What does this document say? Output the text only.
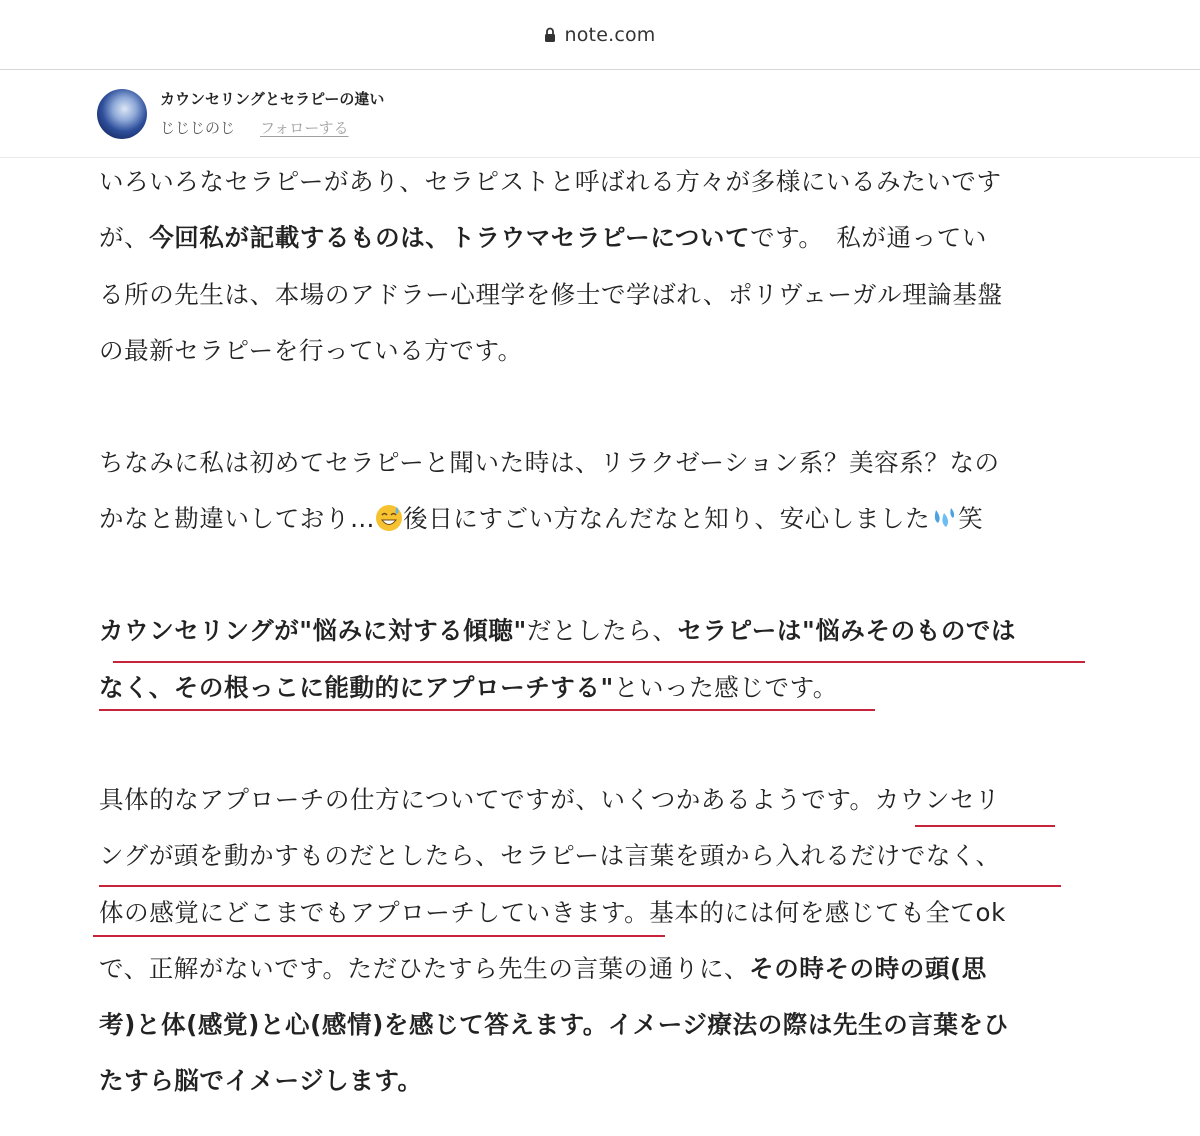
note.com
カウンセリングとセラピーの違い
じじじのじ フォローする
いろいろなセラピーがあり、セラピストと呼ばれる方々が多様にいるみたいです
が、今回私が記載するものは、トラウマセラピーについてです。　私が通ってい
る所の先生は、本場のアドラー心理学を修士で学ばれ、ポリヴェーガル理論基盤
の最新セラピーを行っている方です。
ちなみに私は初めてセラピーと聞いた時は、リラクゼーション系？美容系？なの
かなと勘違いしており… 後日にすごい方なんだなと知り、安心しました 笑
カウンセリングが"悩みに対する傾聴"だとしたら、セラピーは"悩みそのものでは
なく、その根っこに能動的にアプローチする"といった感じです。
具体的なアプローチの仕方についてですが、いくつかあるようです。カウンセリ
ングが頭を動かすものだとしたら、セラピーは言葉を頭から入れるだけでなく、
体の感覚にどこまでもアプローチしていきます。基本的には何を感じても全てok
で、正解がないです。ただひたすら先生の言葉の通りに、その時その時の頭(思
考)と体(感覚)と心(感情)を感じて答えます。イメージ療法の際は先生の言葉をひ
たすら脳でイメージします。
